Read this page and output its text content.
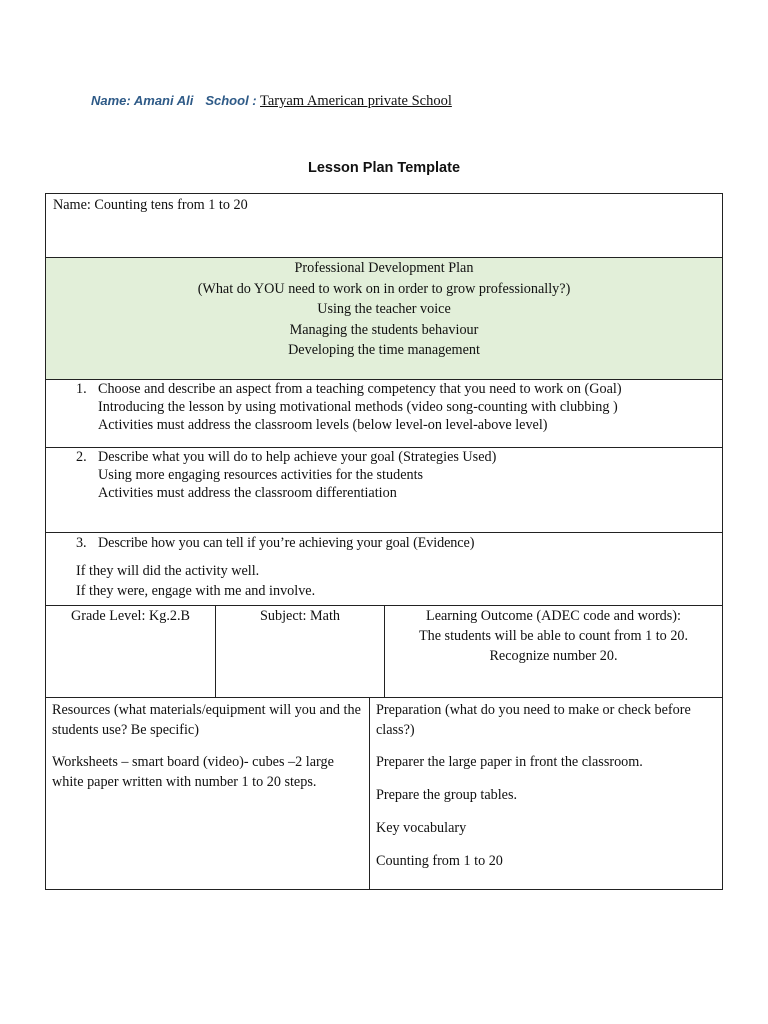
Name: Amani Ali School : Taryam American private School
Lesson Plan Template
Name: Counting tens from 1 to 20
Professional Development Plan
(What do YOU need to work on in order to grow professionally?)
Using the teacher voice
Managing the students behaviour
Developing the time management
1. Choose and describe an aspect from a teaching competency that you need to work on (Goal)
Introducing the lesson by using motivational methods (video song-counting with clubbing )
Activities must address the classroom levels (below level-on level-above level)
2. Describe what you will do to help achieve your goal (Strategies Used)
Using more engaging resources activities for the students
Activities must address the classroom differentiation
3. Describe how you can tell if you’re achieving your goal (Evidence)
If they will did the activity well.
If they were, engage with me and involve.
Grade Level: Kg.2.B	Subject: Math	Learning Outcome (ADEC code and words):
The students will be able to count from 1 to 20.
Recognize number 20.

Resources (what materials/equipment will you and the students use? Be specific)

Worksheets – smart board (video)- cubes –2 large white paper written with number 1 to 20 steps.

Preparation (what do you need to make or check before class?)

Preparer the large paper in front the classroom.

Prepare the group tables.

Key vocabulary

Counting from 1 to 20
